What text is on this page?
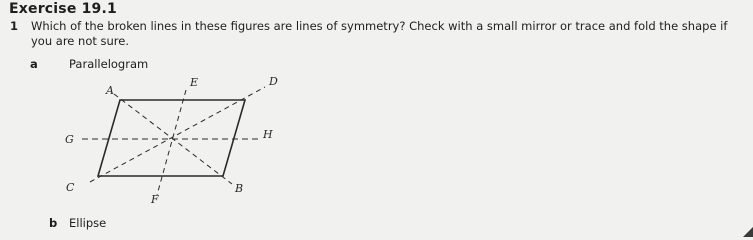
Exercise 19.1
1 Which of the broken lines in these figures are lines of symmetry? Check with a small mirror or trace and fold the shape if you are not sure.
a	Parallelogram
A
E	D
G	H
C	B
F
b Ellipse
